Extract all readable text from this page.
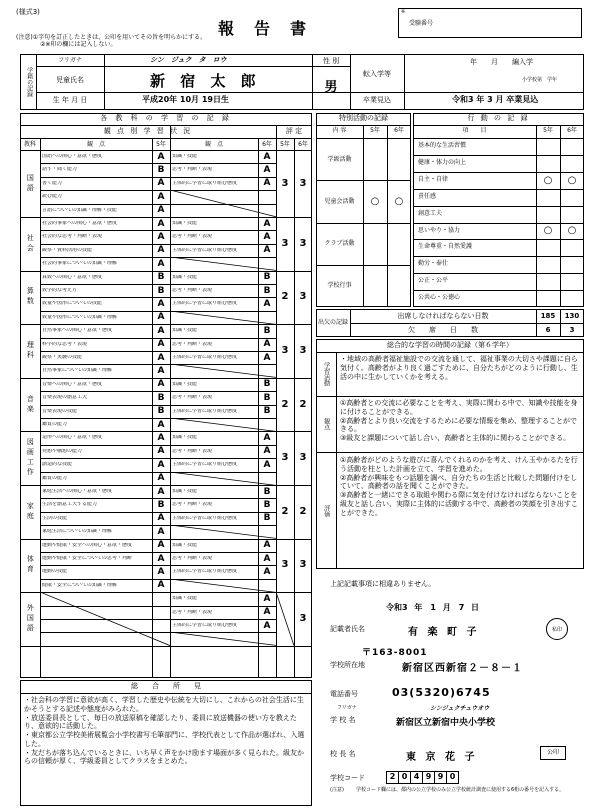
(様式3)
報　告　書
※
受験番号
(注意)①字句を訂正したときは、公印を用いてその旨を明らかにする。
②※印の欄には記入しない。
学籍の記録
フリガナ	シン　ジュク　タ　ロウ
児童氏名	新 宿 太 郎
生 年 月 日	平成20年 10月 19日生
性 別
男
転入学等
年　　月　　編入学
小学校第　学年
卒業見込	令和3 年 3 月 卒業見込
各 教 科 の 学 習 の 記 録
観 点 別 学 習 状 況	評 定
教科	観　点	5年	観　点	6年	5年	6年
国語
国語への関心・意欲・態度	A	知識・技能	A
話す・聞く能力	B	思考・判断・表現	A
書く能力	A	主体的に学習に取り組む態度	A
読む能力	A
言語についての知識・理解・技能	A
3	3
社会
社会的事象への関心・意欲・態度	A	知識・技能	A
社会的な思考・判断・表現	A	思考・判断・表現	A
観察・資料活用の技能	A	主体的に学習に取り組む態度	A
社会的事象についての知識・理解	A
3	3
算数
算数への関心・意欲・態度	B	知識・技能	B
数学的な考え方	B	思考・判断・表現	B
数量や図形についての技能	A	主体的に学習に取り組む態度	A
数量や図形についての知識・理解	A
2	3
理科
自然事象への関心・意欲・態度	A	知識・技能	B
科学的な思考・表現	A	思考・判断・表現	A
観察・実験の技能	A	主体的に学習に取り組む態度	A
自然事象についての知識・理解	A
3	3
音楽
音楽への関心・意欲・態度	A	知識・技能	B
音楽表現の創意工夫	B	思考・判断・表現	B
音楽表現の技能	B	主体的に学習に取り組む態度	B
鑑賞の能力	A
2	2
図画工作
造形への関心・意欲・態度	A	知識・技能	A
発想や構想の能力	A	思考・判断・表現	A
創造的な技能	A	主体的に学習に取り組む態度	A
鑑賞の能力	A
3	3
家庭
家庭生活への関心・意欲・態度	A	知識・技能	B
生活を創意工夫する能力	B	思考・判断・表現	B
生活の技能	A	主体的に学習に取り組む態度	B
家庭生活についての知識・理解	A
2	2
体育
運動や健康・安全への関心・意欲・態度	A	知識・技能	A
運動や健康・安全についての思考・判断	A	思考・判断・表現	A
運動の技能	A	主体的に学習に取り組む態度	A
健康・安全についての知識・理解	A
3	3
外国語
知識・技能	A
思考・判断・表現	A
主体的に学習に取り組む態度	A
3
特別活動の記録
内 容	5年	6年
学級活動
児童会活動	○	○
クラブ活動
学校行事
行 動 の 記 録
項　　目	5年	6年
基本的な生活習慣
健康・体力の向上
自主・自律	○	○
責任感
創意工夫
思いやり・協力	○	○
生命尊重・自然愛護
勤労・奉仕
公正・公平
公共心・公徳心
出欠の記録
出席しなければならない日数	185	130
欠　　席　　日　　数	6	3
総合的な学習の時間の記録（第６学年）
学習活動
・地域の高齢者福祉施設での交流を通して、福祉事業の大切さや課題に自ら気付く。高齢者がより良く過ごすために、自分たちがどのように行動し、生活の中に生かしていくかを考える。
観点
①高齢者との交流に必要なことを考え、実際に関わる中で、知識や技能を身に付けることができる。
②高齢者とより良い交流をするために必要な情報を集め、整理することができる。
③級友と課題について話し合い、高齢者と主体的に関わることができる。
評価
①高齢者がどのような遊びに喜んでくれるのかを考え、けん玉やかるたを行う活動を柱とした計画を立て、学習を進めた。
②高齢者が興味をもつ話題を調べ、自分たちの生活と比較した問題付けをしていて、高齢者の話を聞くことができた。
③高齢者と一緒にできる取組や関わる際に気を付けなければならないことを級友と話し合い、実際に主体的に活動する中で、高齢者の笑顔を引き出すことができた。
総　　合　　所　　見
・社会科の学習に意欲が高く、学習した歴史や伝統を大切にし、これからの社会生活に生かそうとする記述や態度がみられた。
・放送委員長として、毎日の放送原稿を確認したり、委員に放送機器の使い方を教えたり、意欲的に活動した。
・東京都公立学校美術展覧会小学校書写毛筆部門に、学校代表として作品が選ばれ、入選した。
・友だちが落ち込んでいるときに、いち早く声をかけ励ます場面が多く見られた。級友からの信頼が厚く、学級委員としてクラスをまとめた。
上記記載事項に相違ありません。
令和3 年　1 月　7 日
記載者氏名	有 楽 町 子	私印
〒163-8001
学校所在地	新宿区西新宿２－８－１
電話番号	03(5320)6745
フリガナ	シンジュクチュウオウ
学 校 名	新宿区立新宿中央小学校
校 長 名	東 京 花 子	公印
学校コード	2 0 4 9 9 0
(注意) 学校コード欄には、都内の公立学校のみ公立学校統計調査に使用する6桁の番号を記入する。
